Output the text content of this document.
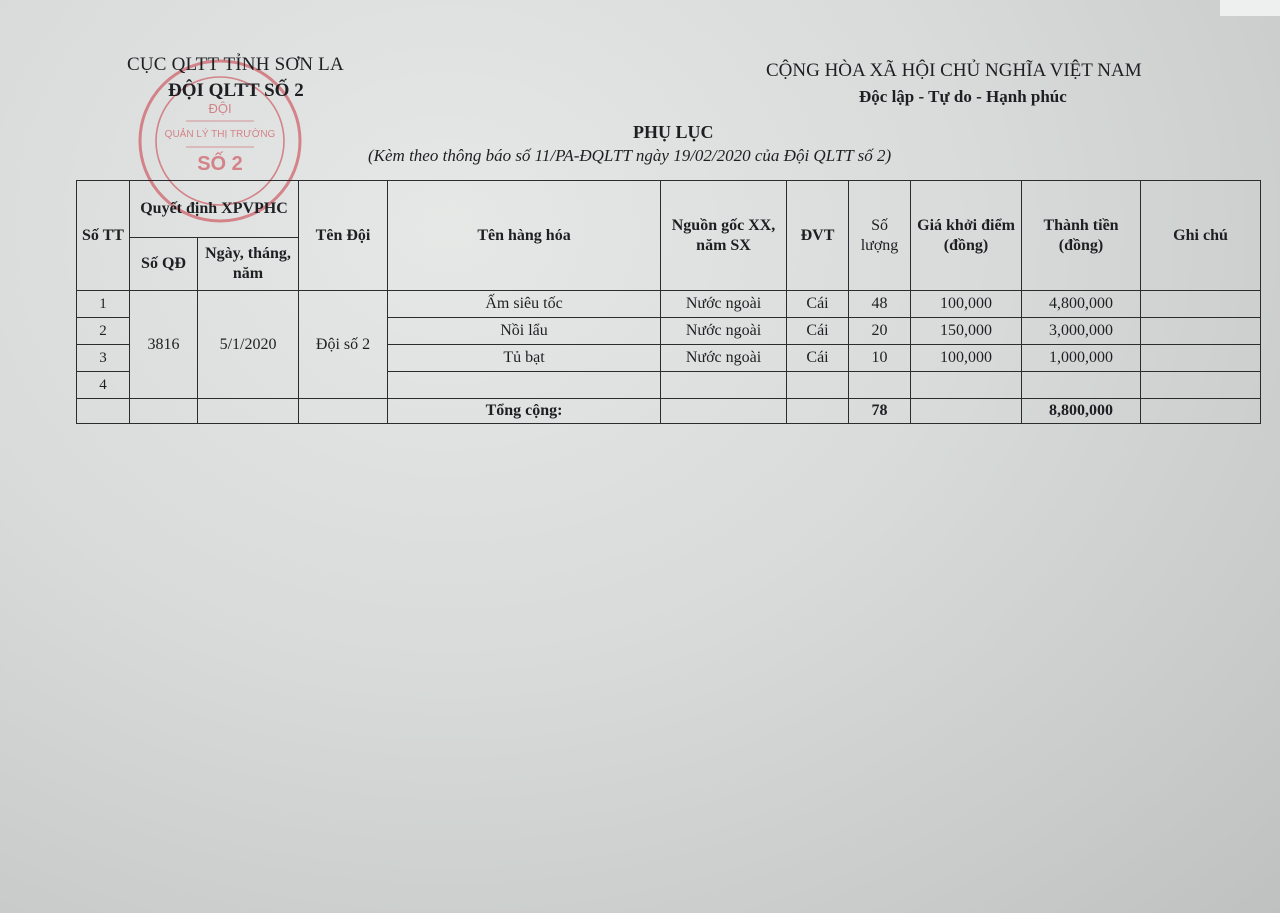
ĐỘI
QUẢN LÝ THỊ TRƯỜNG
SỐ 2
CỤC QLTT TỈNH SƠN LA
ĐỘI QLTT SỐ 2
CỘNG HÒA XÃ HỘI CHỦ NGHĨA VIỆT NAM
Độc lập - Tự do - Hạnh phúc
PHỤ LỤC
(Kèm theo thông báo số 11/PA-ĐQLTT ngày 19/02/2020 của Đội QLTT số 2)
Số TT	Quyết định XPVPHC		Tên Đội	Tên hàng hóa	Nguồn gốc XX, năm SX	ĐVT	Số lượng	Giá khởi điểm (đồng)	Thành tiền (đồng)	Ghi chú
	Số QĐ	Ngày, tháng, năm								
1	3816	5/1/2020	Đội số 2	Ấm siêu tốc	Nước ngoài	Cái	48	100,000	4,800,000	
2				Nồi lẩu	Nước ngoài	Cái	20	150,000	3,000,000	
3				Tủ bạt	Nước ngoài	Cái	10	100,000	1,000,000	
4										
				Tổng cộng:			78		8,800,000	
